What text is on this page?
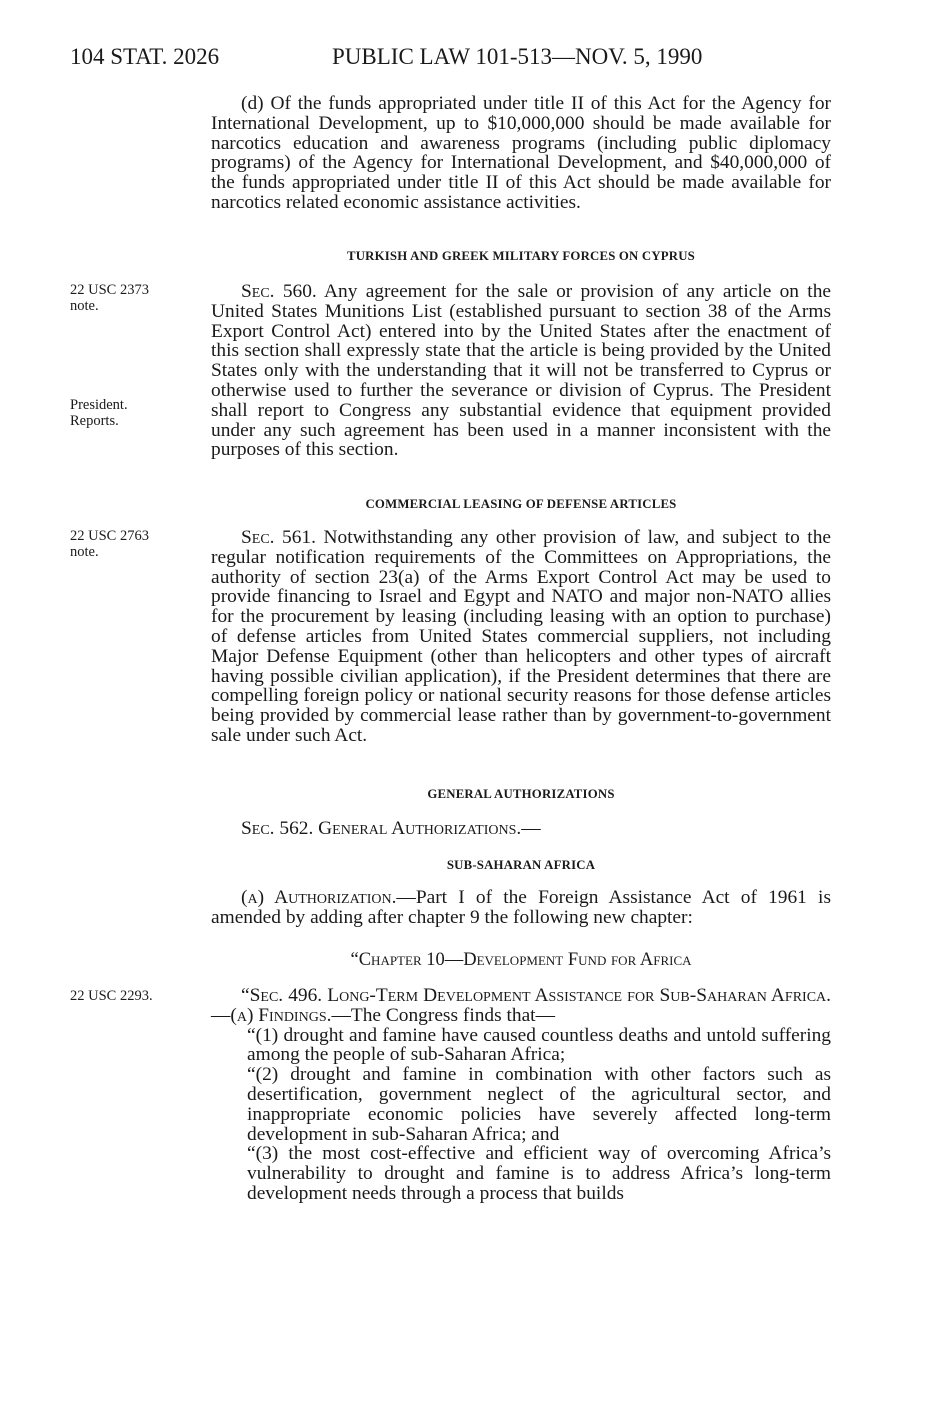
104 STAT. 2026	PUBLIC LAW 101-513—NOV. 5, 1990

(d) Of the funds appropriated under title II of this Act for the Agency for International Development, up to $10,000,000 should be made available for narcotics education and awareness programs (including public diplomacy programs) of the Agency for International Development, and $40,000,000 of the funds appropriated under title II of this Act should be made available for narcotics related economic assistance activities.

TURKISH AND GREEK MILITARY FORCES ON CYPRUS
22 USC 2373
note.
President.
Reports.

Sec. 560. Any agreement for the sale or provision of any article on the United States Munitions List (established pursuant to section 38 of the Arms Export Control Act) entered into by the United States after the enactment of this section shall expressly state that the article is being provided by the United States only with the understanding that it will not be transferred to Cyprus or otherwise used to further the severance or division of Cyprus. The President shall report to Congress any substantial evidence that equipment provided under any such agreement has been used in a manner inconsistent with the purposes of this section.

COMMERCIAL LEASING OF DEFENSE ARTICLES
22 USC 2763
note.

Sec. 561. Notwithstanding any other provision of law, and subject to the regular notification requirements of the Committees on Appropriations, the authority of section 23(a) of the Arms Export Control Act may be used to provide financing to Israel and Egypt and NATO and major non-NATO allies for the procurement by leasing (including leasing with an option to purchase) of defense articles from United States commercial suppliers, not including Major Defense Equipment (other than helicopters and other types of aircraft having possible civilian application), if the President determines that there are compelling foreign policy or national security reasons for those defense articles being provided by commercial lease rather than by government-to-government sale under such Act.

GENERAL AUTHORIZATIONS

Sec. 562. General Authorizations.—

SUB-SAHARAN AFRICA

(a) Authorization.—Part I of the Foreign Assistance Act of 1961 is amended by adding after chapter 9 the following new chapter:

“Chapter 10—Development Fund for Africa
22 USC 2293.	“Sec. 496. Long-Term Development Assistance for Sub-Saharan Africa.—(a) Findings.—The Congress finds that—

“(1) drought and famine have caused countless deaths and untold suffering among the people of sub-Saharan Africa;

“(2) drought and famine in combination with other factors such as desertification, government neglect of the agricultural sector, and inappropriate economic policies have severely affected long-term development in sub-Saharan Africa; and

“(3) the most cost-effective and efficient way of overcoming Africa’s vulnerability to drought and famine is to address Africa’s long-term development needs through a process that builds
